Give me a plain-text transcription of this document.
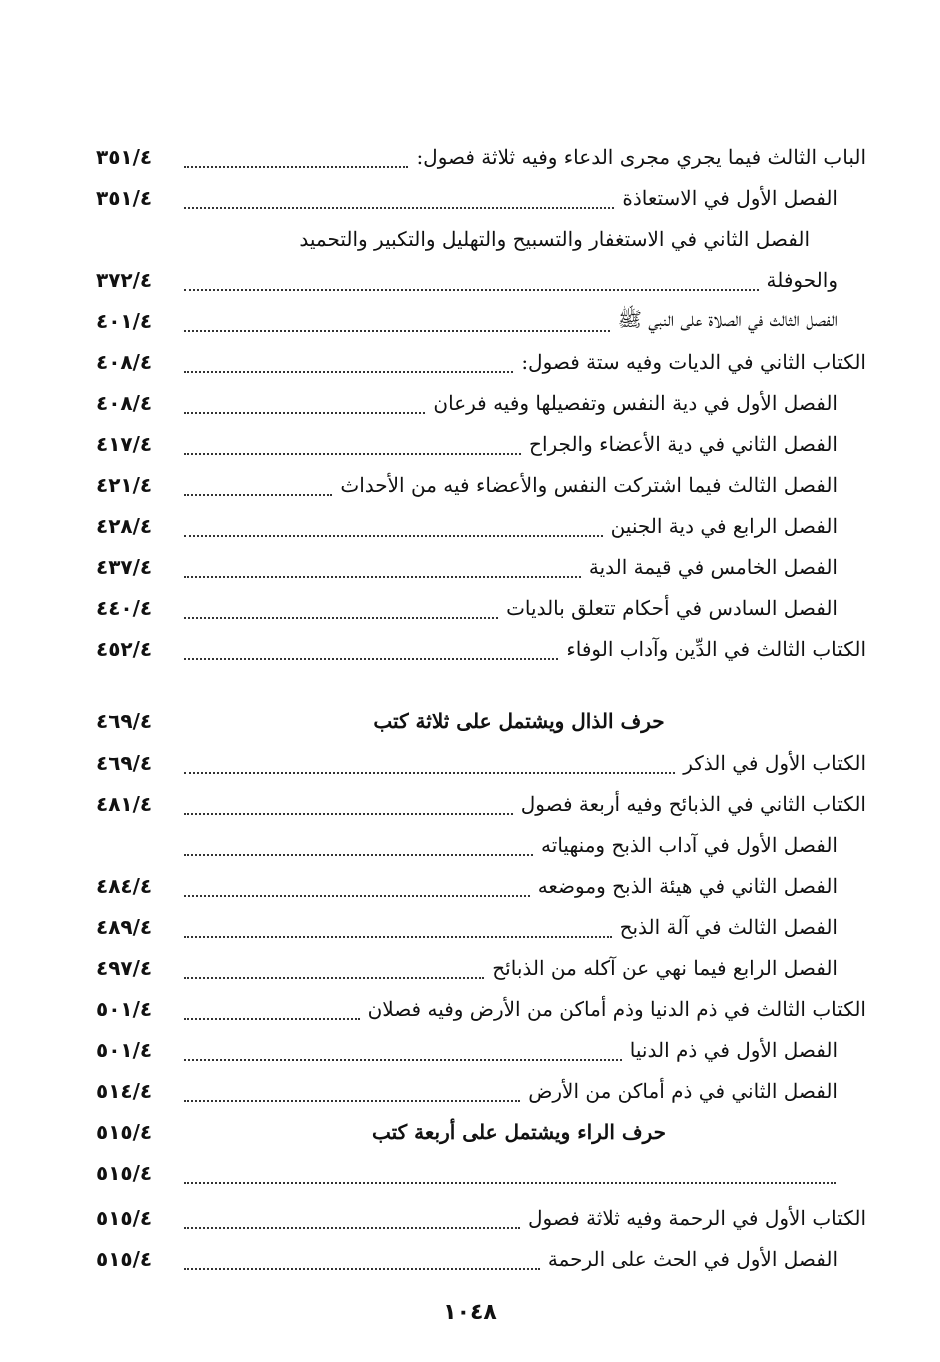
الباب الثالث فيما يجري مجرى الدعاء وفيه ثلاثة فصول:
٣٥١/٤
الفصل الأول في الاستعاذة
٣٥١/٤
الفصل الثاني في الاستغفار والتسبيح والتهليل والتكبير والتحميد
والحوفلة
٣٧٢/٤
الفصل الثالث في الصلاة على النبي ﷺ
٤٠١/٤
الكتاب الثاني في الديات وفيه ستة فصول:
٤٠٨/٤
الفصل الأول في دية النفس وتفصيلها وفيه فرعان
٤٠٨/٤
الفصل الثاني في دية الأعضاء والجراح
٤١٧/٤
الفصل الثالث فيما اشتركت النفس والأعضاء فيه من الأحداث
٤٢١/٤
الفصل الرابع في دية الجنين
٤٢٨/٤
الفصل الخامس في قيمة الدية
٤٣٧/٤
الفصل السادس في أحكام تتعلق بالديات
٤٤٠/٤
الكتاب الثالث في الدِّين وآداب الوفاء
٤٥٢/٤
حرف الذال ويشتمل على ثلاثة كتب
٤٦٩/٤
الكتاب الأول في الذكر
٤٦٩/٤
الكتاب الثاني في الذبائح وفيه أربعة فصول
٤٨١/٤
الفصل الأول في آداب الذبح ومنهياته
الفصل الثاني في هيئة الذبح وموضعه
٤٨٤/٤
الفصل الثالث في آلة الذبح
٤٨٩/٤
الفصل الرابع فيما نهي عن آكله من الذبائح
٤٩٧/٤
الكتاب الثالث في ذم الدنيا وذم أماكن من الأرض وفيه فصلان
٥٠١/٤
الفصل الأول في ذم الدنيا
٥٠١/٤
الفصل الثاني في ذم أماكن من الأرض
٥١٤/٤
حرف الراء ويشتمل على أربعة كتب
٥١٥/٤
٥١٥/٤
الكتاب الأول في الرحمة وفيه ثلاثة فصول
٥١٥/٤
الفصل الأول في الحث على الرحمة
٥١٥/٤
١٠٤٨
